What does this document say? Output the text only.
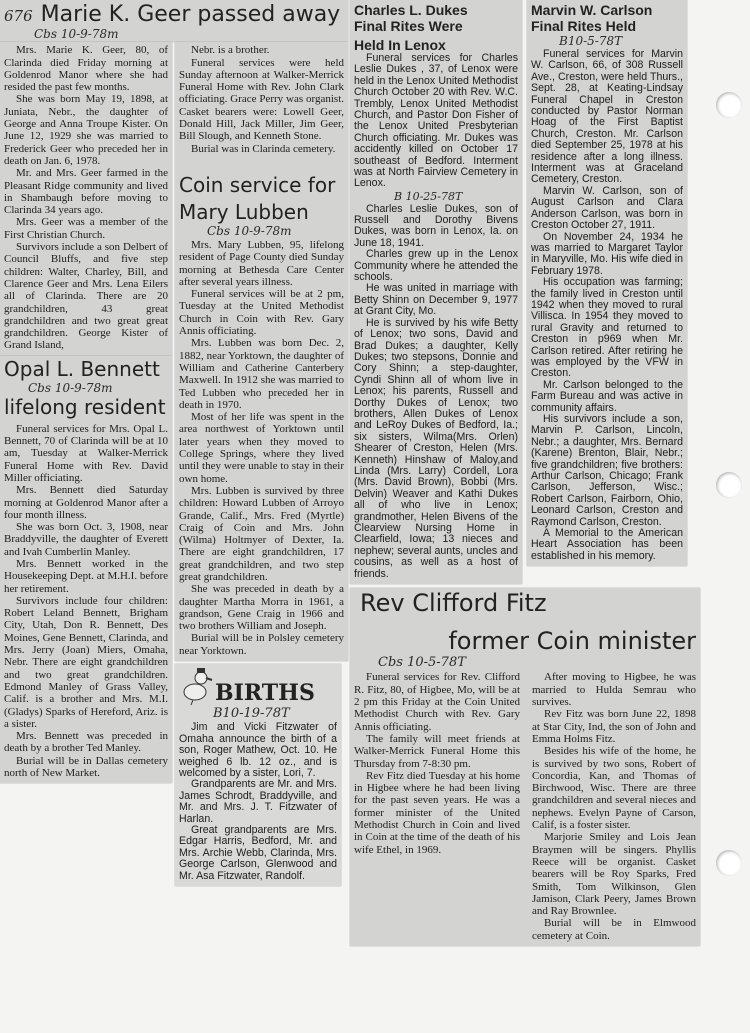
676 Marie K. Geer passed away
Cbs 10-9-78m

Mrs. Marie K. Geer, 80, of Clarinda died Friday morning at Goldenrod Manor where she had resided the past few months.

She was born May 19, 1898, at Juniata, Nebr., the daughter of George and Anna Troupe Kister. On June 12, 1929 she was married to Frederick Geer who preceded her in death on Jan. 6, 1978.

Mr. and Mrs. Geer farmed in the Pleasant Ridge community and lived in Shambaugh before moving to Clarinda 34 years ago.

Mrs. Geer was a member of the First Christian Church.

Survivors include a son Delbert of Council Bluffs, and five step children: Walter, Charley, Bill, and Clarence Geer and Mrs. Lena Eilers all of Clarinda. There are 20 grandchildren, 43 great grandchildren and two great great grandchildren. George Kister of Grand Island,

Opal L. Bennett
Cbs 10-9-78m
lifelong resident

Funeral services for Mrs. Opal L. Bennett, 70 of Clarinda will be at 10 am, Tuesday at Walker-Merrick Funeral Home with Rev. David Miller officiating.

Mrs. Bennett died Saturday morning at Goldenrod Manor after a four month illness.

She was born Oct. 3, 1908, near Braddyville, the daughter of Everett and Ivah Cumberlin Manley.

Mrs. Bennett worked in the Housekeeping Dept. at M.H.I. before her retirement.

Survivors include four children: Robert Leland Bennett, Brigham City, Utah, Don R. Bennett, Des Moines, Gene Bennett, Clarinda, and Mrs. Jerry (Joan) Miers, Omaha, Nebr. There are eight grandchildren and two great grandchildren. Edmond Manley of Grass Valley, Calif. is a brother and Mrs. M.I. (Gladys) Sparks of Hereford, Ariz. is a sister.

Mrs. Bennett was preceded in death by a brother Ted Manley.

Burial will be in Dallas cemetery north of New Market.

Nebr. is a brother.

Funeral services were held Sunday afternoon at Walker-Merrick Funeral Home with Rev. John Clark officiating. Grace Perry was organist. Casket bearers were: Lowell Geer, Donald Hill, Jack Miller, Jim Geer, Bill Slough, and Kenneth Stone.

Burial was in Clarinda cemetery.

Coin service for
Mary Lubben
Cbs 10-9-78m

Mrs. Mary Lubben, 95, lifelong resident of Page County died Sunday morning at Bethesda Care Center after several years illness.

Funeral services will be at 2 pm, Tuesday at the United Methodist Church in Coin with Rev. Gary Annis officiating.

Mrs. Lubben was born Dec. 2, 1882, near Yorktown, the daughter of William and Catherine Canterbery Maxwell. In 1912 she was married to Ted Lubben who preceded her in death in 1970.

Most of her life was spent in the area northwest of Yorktown until later years when they moved to College Springs, where they lived until they were unable to stay in their own home.

Mrs. Lubben is survived by three children: Howard Lubben of Arroyo Grande, Calif., Mrs. Fred (Myrtle) Craig of Coin and Mrs. John (Wilma) Holtmyer of Dexter, Ia. There are eight grandchildren, 17 great grandchildren, and two step great grandchildren.

She was preceded in death by a daughter Martha Morra in 1961, a grandson, Gene Craig in 1966 and two brothers William and Joseph.

Burial will be in Polsley cemetery near Yorktown.

BIRTHS
B10-19-78T

Jim and Vicki Fitzwater of Omaha announce the birth of a son, Roger Mathew, Oct. 10. He weighed 6 lb. 12 oz., and is welcomed by a sister, Lori, 7.

Grandparents are Mr. and Mrs. James Schrodt, Braddyville, and Mr. and Mrs. J. T. Fitzwater of Harlan.

Great grandparents are Mrs. Edgar Harris, Bedford, Mr. and Mrs. Archie Webb, Clarinda, Mrs. George Carlson, Glenwood and Mr. Asa Fitzwater, Randolf.

Charles L. Dukes
Final Rites Were
Held In Lenox

Funeral services for Charles Leslie Dukes , 37, of Lenox were held in the Lenox United Methodist Church October 20 with Rev. W.C. Trembly, Lenox United Methodist Church, and Pastor Don Fisher of the Lenox United Presbyterian Church officiating. Mr. Dukes was accidently killed on October 17 southeast of Bedford. Interment was at North Fairview Cemetery in Lenox.

B 10-25-78T

Charles Leslie Dukes, son of Russell and Dorothy Bivens Dukes, was born in Lenox, Ia. on June 18, 1941.

Charles grew up in the Lenox Community where he attended the schools.

He was united in marriage with Betty Shinn on December 9, 1977 at Grant City, Mo.

He is survived by his wife Betty of Lenox; two sons, David and Brad Dukes; a daughter, Kelly Dukes; two stepsons, Donnie and Cory Shinn; a step-daughter, Cyndi Shinn all of whom live in Lenox; his parents, Russell and Dorthy Dukes of Lenox; two brothers, Allen Dukes of Lenox and LeRoy Dukes of Bedford, Ia.; six sisters, Wilma(Mrs. Orlen) Shearer of Creston, Helen (Mrs. Kenneth) Hinshaw of Maloy,and Linda (Mrs. Larry) Cordell, Lora (Mrs. David Brown), Bobbi (Mrs. Delvin) Weaver and Kathi Dukes all of who live in Lenox; grandmother, Helen Bivens of the Clearview Nursing Home in Clearfield, Iowa; 13 nieces and nephew; several aunts, uncles and cousins, as well as a host of friends.

Marvin W. Carlson
Final Rites Held
B10-5-78T

Funeral services for Marvin W. Carlson, 66, of 308 Russell Ave., Creston, were held Thurs., Sept. 28, at Keating-Lindsay Funeral Chapel in Creston conducted by Pastor Norman Hoag of the First Baptist Church, Creston. Mr. Carlson died September 25, 1978 at his residence after a long illness. Interment was at Graceland Cemetery, Creston.

Marvin W. Carlson, son of August Carlson and Clara Anderson Carlson, was born in Creston October 27, 1911.

On November 24, 1934 he was married to Margaret Taylor in Maryville, Mo. His wife died in February 1978.

His occupation was farming; the family lived in Creston until 1942 when they moved to rural Villisca. In 1954 they moved to rural Gravity and returned to Creston in p969 when Mr. Carlson retired. After retiring he was employed by the VFW in Creston.

Mr. Carlson belonged to the Farm Bureau and was active in community affairs.

His survivors include a son, Marvin P. Carlson, Lincoln, Nebr.; a daughter, Mrs. Bernard (Karene) Brenton, Blair, Nebr.; five grandchildren; five brothers: Arthur Carlson, Chicago; Frank Carlson, Jefferson, Wisc.; Robert Carlson, Fairborn, Ohio, Leonard Carlson, Creston and Raymond Carlson, Creston.

A Memorial to the American Heart Association has been established in his memory.

Rev Clifford Fitz
former Coin minister
Cbs 10-5-78T

Funeral services for Rev. Clifford R. Fitz, 80, of Higbee, Mo, will be at 2 pm this Friday at the Coin United Methodist Church with Rev. Gary Annis officiating.

The family will meet friends at Walker-Merrick Funeral Home this Thursday from 7-8:30 pm.

Rev Fitz died Tuesday at his home in Higbee where he had been living for the past seven years. He was a former minister of the United Methodist Church in Coin and lived in Coin at the time of the death of his wife Ethel, in 1969.

After moving to Higbee, he was married to Hulda Semrau who survives.

Rev Fitz was born June 22, 1898 at Star City, Ind, the son of John and Emma Holms Fitz.

Besides his wife of the home, he is survived by two sons, Robert of Concordia, Kan, and Thomas of Birchwood, Wisc. There are three grandchildren and several nieces and nephews. Evelyn Payne of Carson, Calif, is a foster sister.

Marjorie Smiley and Lois Jean Braymen will be singers. Phyllis Reece will be organist. Casket bearers will be Roy Sparks, Fred Smith, Tom Wilkinson, Glen Jamison, Clark Peery, James Brown and Ray Brownlee.

Burial will be in Elmwood cemetery at Coin.
